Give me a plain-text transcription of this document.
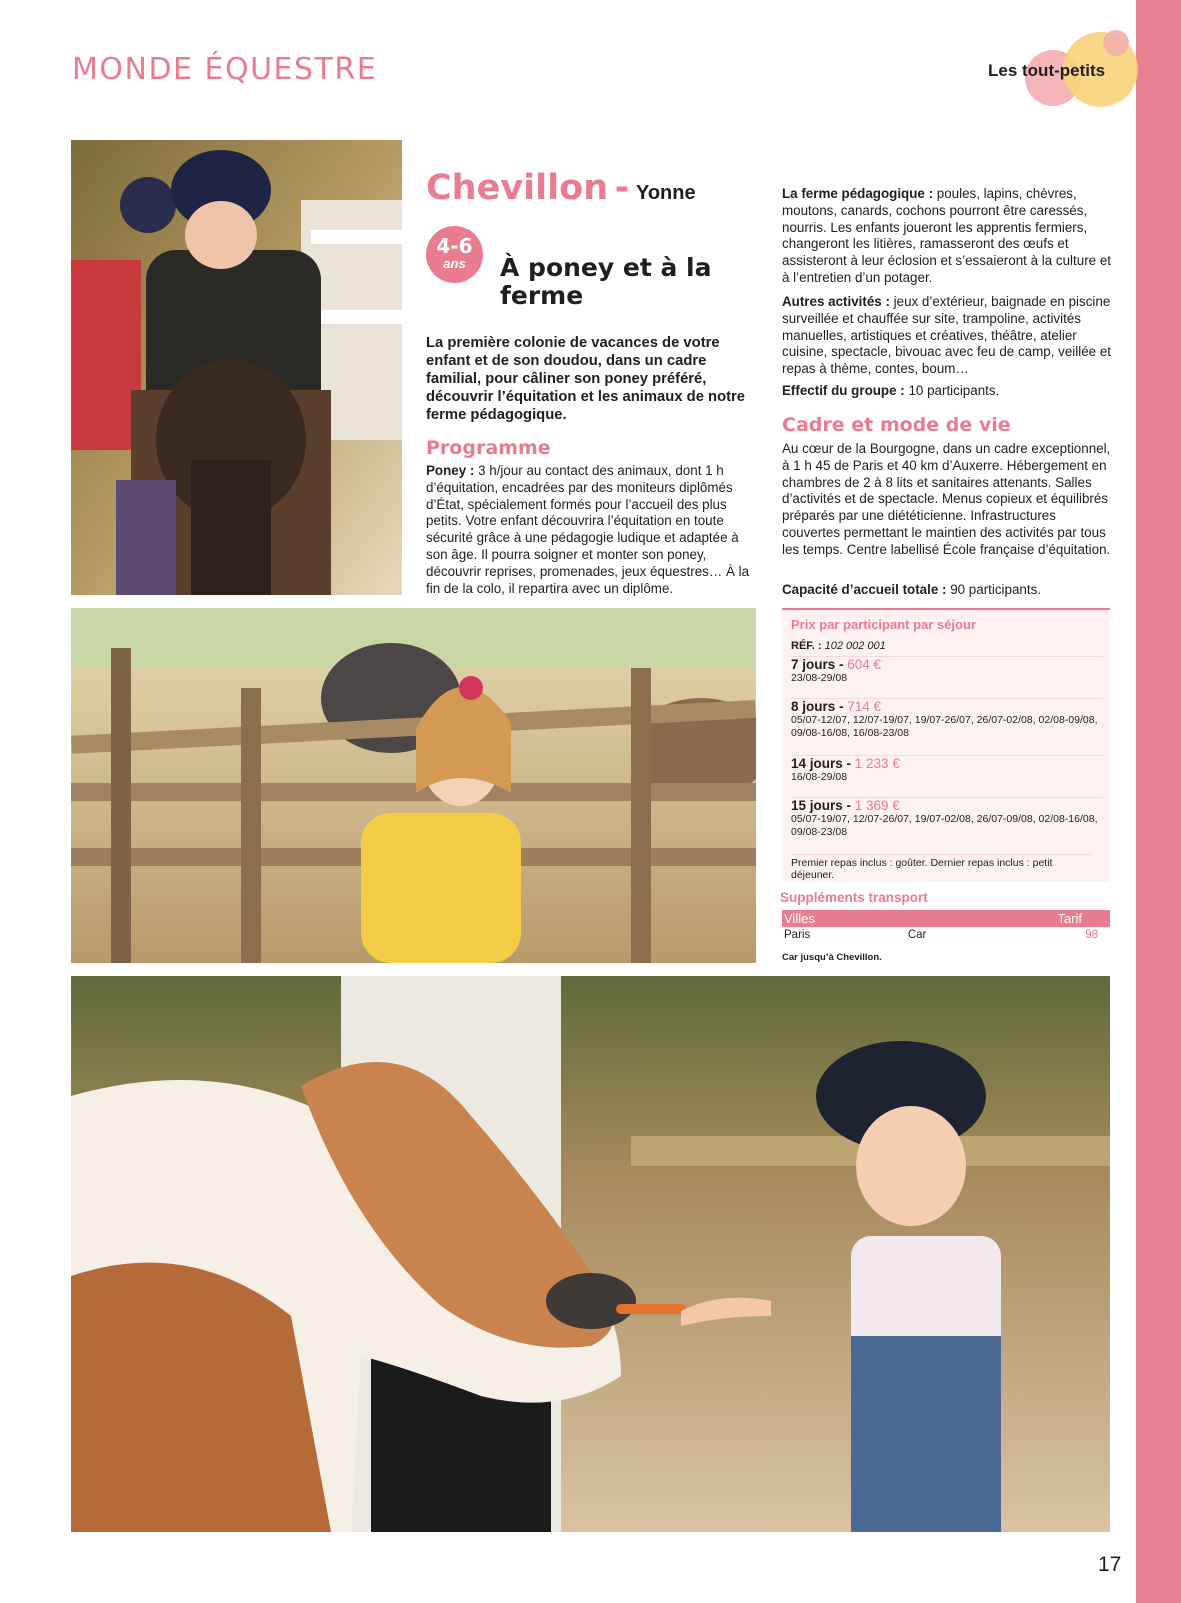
MONDE ÉQUESTRE	Les tout-petits
Chevillon - Yonne
4-6
ans	À poney et à la ferme

La première colonie de vacances de votre enfant et de son doudou, dans un cadre familial, pour câliner son poney préféré, découvrir l’équitation et les animaux de notre ferme pédagogique.

Programme

Poney : 3 h/jour au contact des animaux, dont 1 h d’équitation, encadrées par des moniteurs diplômés d’État, spécialement formés pour l’accueil des plus petits. Votre enfant découvrira l’équitation en toute sécurité grâce à une pédagogie ludique et adaptée à son âge. Il pourra soigner et monter son poney, découvrir reprises, promenades, jeux équestres… À la fin de la colo, il repartira avec un diplôme.

La ferme pédagogique : poules, lapins, chèvres, moutons, canards, cochons pourront être caressés, nourris. Les enfants joueront les apprentis fermiers, changeront les litières, ramasseront des œufs et assisteront à leur éclosion et s’essaieront à la culture et à l’entretien d’un potager.

Autres activités : jeux d’extérieur, baignade en piscine surveillée et chauffée sur site, trampoline, activités manuelles, artistiques et créatives, théâtre, atelier cuisine, spectacle, bivouac avec feu de camp, veillée et repas à thème, contes, boum…

Effectif du groupe : 10 participants.

Cadre et mode de vie

Au cœur de la Bourgogne, dans un cadre exceptionnel, à 1 h 45 de Paris et 40 km d’Auxerre. Hébergement en chambres de 2 à 8 lits et sanitaires attenants. Salles d’activités et de spectacle. Menus copieux et équilibrés préparés par une diététicienne. Infrastructures couvertes permettant le maintien des activités par tous les temps. Centre labellisé École française d’équitation.

Capacité d’accueil totale : 90 participants.

Prix par participant par séjour
RÉF. : 102 002 001
7 jours - 604 €
23/08-29/08
8 jours - 714 €
05/07-12/07, 12/07-19/07, 19/07-26/07, 26/07-02/08, 02/08-09/08, 09/08-16/08, 16/08-23/08
14 jours - 1 233 €
16/08-29/08
15 jours - 1 369 €
05/07-19/07, 12/07-26/07, 19/07-02/08, 26/07-09/08, 02/08-16/08, 09/08-23/08
Premier repas inclus : goûter. Dernier repas inclus : petit déjeuner.
Suppléments transport
Villes		Tarif
Paris	Car	98
Car jusqu’à Chevillon.
17
